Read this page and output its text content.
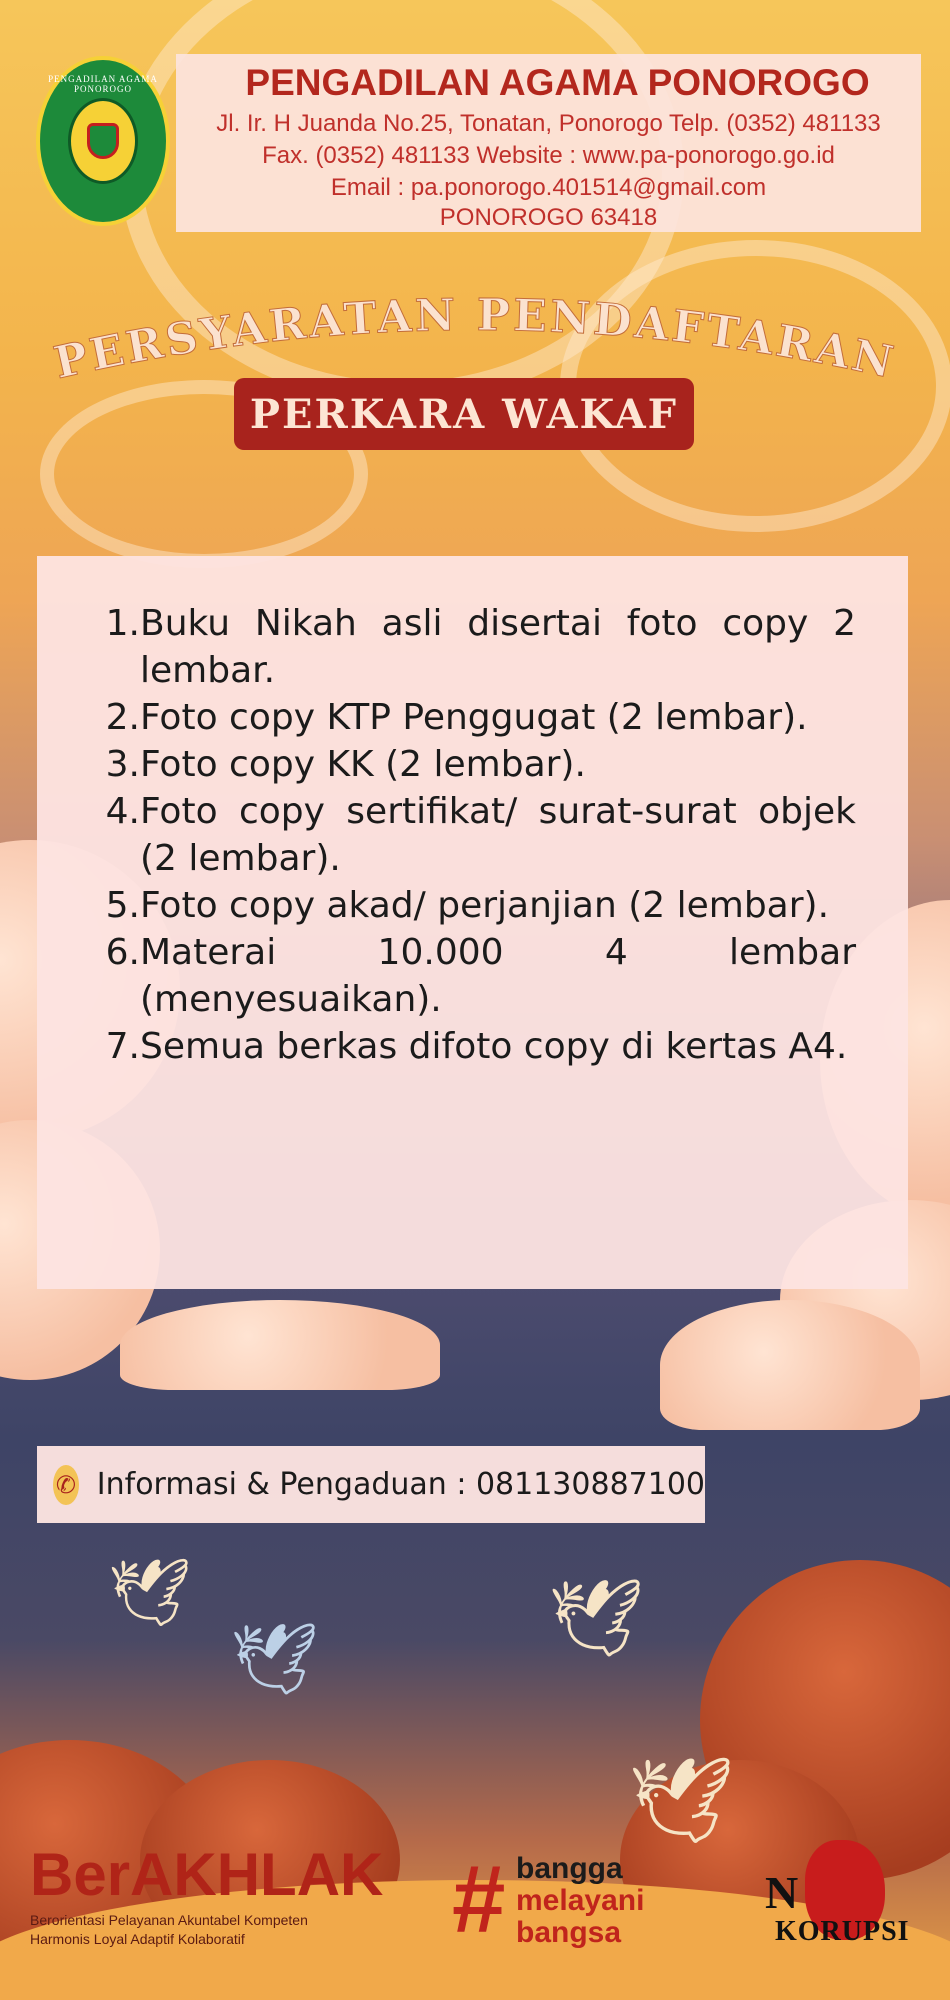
🕊
🕊	🕊
🕊
PENGADILAN AGAMA PONOROGO	PENGADILAN AGAMA PONOROGO
Jl. Ir. H Juanda No.25, Tonatan, Ponorogo Telp. (0352) 481133
Fax. (0352) 481133 Website : www.pa-ponorogo.go.id
Email : pa.ponorogo.401514@gmail.com
PONOROGO 63418
PERSYARATAN PENDAFTARAN
PERKARA WAKAF
1. Buku Nikah asli disertai foto copy 2 lembar.
2. Foto copy KTP Penggugat (2 lembar).
3. Foto copy KK (2 lembar).
4. Foto copy sertifikat/ surat-surat objek (2 lembar).
5. Foto copy akad/ perjanjian (2 lembar).
6. Materai 10.000 4 lembar (menyesuaikan).
7. Semua berkas difoto copy di kertas A4.
✆ Informasi & Pengaduan : 081130887100
BerAKHLAK
Berorientasi Pelayanan Akuntabel Kompeten
Harmonis Loyal Adaptif Kolaboratif	# bangga
melayani
bangsa
N
KORUPSI
